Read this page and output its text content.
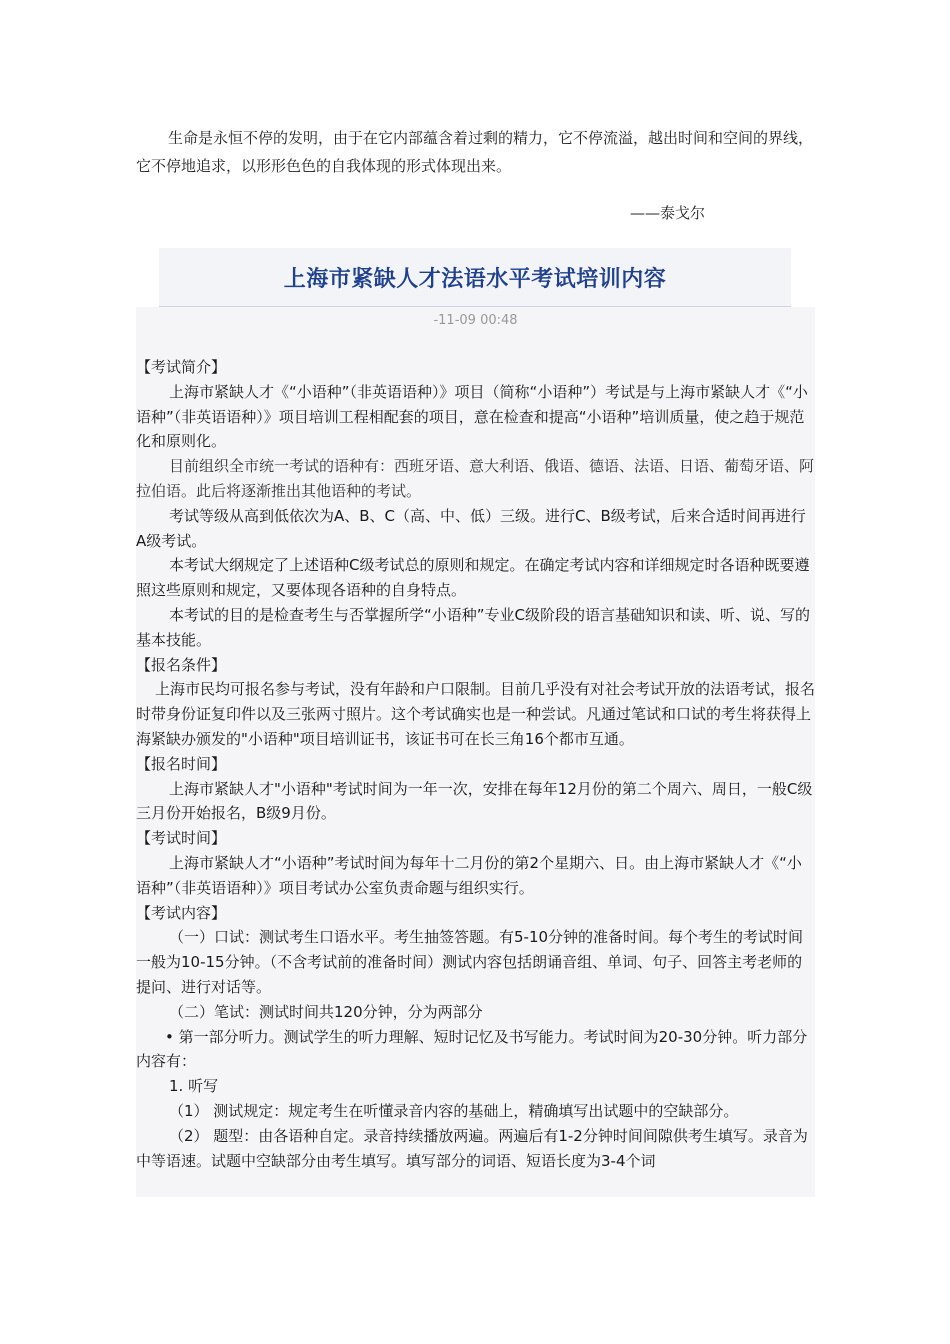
生命是永恒不停的发明，由于在它内部蕴含着过剩的精力，它不停流溢，越出时间和空间的界线，它不停地追求，以形形色色的自我体现的形式体现出来。

——泰戈尔
上海市紧缺人才法语水平考试培训内容
-11-09 00:48

【考试简介】

上海市紧缺人才《“小语种”（非英语语种）》项目（简称“小语种”）考试是与上海市紧缺人才《“小语种”（非英语语种）》项目培训工程相配套的项目，意在检查和提高“小语种”培训质量，使之趋于规范化和原则化。

目前组织全市统一考试的语种有：西班牙语、意大利语、俄语、德语、法语、日语、葡萄牙语、阿拉伯语。此后将逐渐推出其他语种的考试。

考试等级从高到低依次为A、B、C（高、中、低）三级。进行C、B级考试，后来合适时间再进行A级考试。

本考试大纲规定了上述语种C级考试总的原则和规定。在确定考试内容和详细规定时各语种既要遵照这些原则和规定，又要体现各语种的自身特点。

本考试的目的是检查考生与否掌握所学“小语种”专业C级阶段的语言基础知识和读、听、说、写的基本技能。

【报名条件】

上海市民均可报名参与考试，没有年龄和户口限制。目前几乎没有对社会考试开放的法语考试，报名时带身份证复印件以及三张两寸照片。这个考试确实也是一种尝试。凡通过笔试和口试的考生将获得上海紧缺办颁发的"小语种"项目培训证书，该证书可在长三角16个都市互通。

【报名时间】

上海市紧缺人才"小语种"考试时间为一年一次，安排在每年12月份的第二个周六、周日，一般C级三月份开始报名，B级9月份。

【考试时间】

上海市紧缺人才“小语种”考试时间为每年十二月份的第2个星期六、日。由上海市紧缺人才《“小语种”（非英语语种）》项目考试办公室负责命题与组织实行。

【考试内容】

（一）口试：测试考生口语水平。考生抽签答题。有5-10分钟的准备时间。每个考生的考试时间一般为10-15分钟。（不含考试前的准备时间）测试内容包括朗诵音组、单词、句子、回答主考老师的提问、进行对话等。

（二）笔试：测试时间共120分钟，分为两部分

• 第一部分听力。测试学生的听力理解、短时记忆及书写能力。考试时间为20-30分钟。听力部分内容有：

1. 听写

（1） 测试规定：规定考生在听懂录音内容的基础上，精确填写出试题中的空缺部分。

（2） 题型：由各语种自定。录音持续播放两遍。两遍后有1-2分钟时间间隙供考生填写。录音为中等语速。试题中空缺部分由考生填写。填写部分的词语、短语长度为3-4个词
